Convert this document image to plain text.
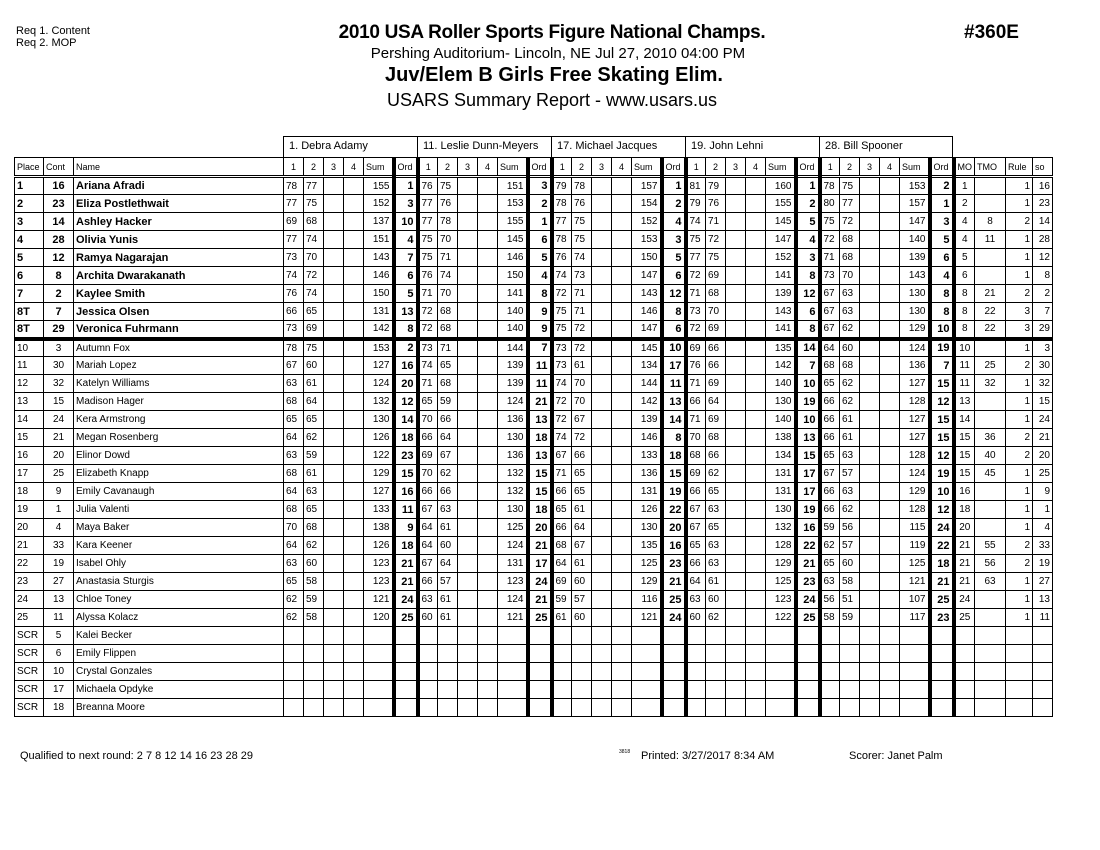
Req 1. Content
Req 2. MOP	2010 USA Roller Sports Figure National Champs.
Pershing Auditorium- Lincoln, NE Jul 27, 2010 04:00 PM
Juv/Elem B Girls Free Skating Elim.
USARS Summary Report - www.usars.us
#360E
1. Debra Adamy	11. Leslie Dunn-Meyers	17. Michael Jacques	19. John Lehni	28. Bill Spooner
Place	Cont	Name	1	2	3	4	Sum	Ord	1	2	3	4	Sum	Ord	1	2	3	4	Sum	Ord	1	2	3	4	Sum	Ord	1	2	3	4	Sum	Ord	MO	TMO	Rule	so
1	16	Ariana Afradi	78	77			155	1	76	75			151	3	79	78			157	1	81	79			160	1	78	75			153	2	1		1	16
2	23	Eliza Postlethwait	77	75			152	3	77	76			153	2	78	76			154	2	79	76			155	2	80	77			157	1	2		1	23
3	14	Ashley Hacker	69	68			137	10	77	78			155	1	77	75			152	4	74	71			145	5	75	72			147	3	4	8	2	14
4	28	Olivia Yunis	77	74			151	4	75	70			145	6	78	75			153	3	75	72			147	4	72	68			140	5	4	11	1	28
5	12	Ramya Nagarajan	73	70			143	7	75	71			146	5	76	74			150	5	77	75			152	3	71	68			139	6	5		1	12
6	8	Archita Dwarakanath	74	72			146	6	76	74			150	4	74	73			147	6	72	69			141	8	73	70			143	4	6		1	8
7	2	Kaylee Smith	76	74			150	5	71	70			141	8	72	71			143	12	71	68			139	12	67	63			130	8	8	21	2	2
8T	7	Jessica Olsen	66	65			131	13	72	68			140	9	75	71			146	8	73	70			143	6	67	63			130	8	8	22	3	7
8T	29	Veronica Fuhrmann	73	69			142	8	72	68			140	9	75	72			147	6	72	69			141	8	67	62			129	10	8	22	3	29
10	3	Autumn Fox	78	75			153	2	73	71			144	7	73	72			145	10	69	66			135	14	64	60			124	19	10		1	3
11	30	Mariah Lopez	67	60			127	16	74	65			139	11	73	61			134	17	76	66			142	7	68	68			136	7	11	25	2	30
12	32	Katelyn Williams	63	61			124	20	71	68			139	11	74	70			144	11	71	69			140	10	65	62			127	15	11	32	1	32
13	15	Madison Hager	68	64			132	12	65	59			124	21	72	70			142	13	66	64			130	19	66	62			128	12	13		1	15
14	24	Kera Armstrong	65	65			130	14	70	66			136	13	72	67			139	14	71	69			140	10	66	61			127	15	14		1	24
15	21	Megan Rosenberg	64	62			126	18	66	64			130	18	74	72			146	8	70	68			138	13	66	61			127	15	15	36	2	21
16	20	Elinor Dowd	63	59			122	23	69	67			136	13	67	66			133	18	68	66			134	15	65	63			128	12	15	40	2	20
17	25	Elizabeth Knapp	68	61			129	15	70	62			132	15	71	65			136	15	69	62			131	17	67	57			124	19	15	45	1	25
18	9	Emily Cavanaugh	64	63			127	16	66	66			132	15	66	65			131	19	66	65			131	17	66	63			129	10	16		1	9
19	1	Julia Valenti	68	65			133	11	67	63			130	18	65	61			126	22	67	63			130	19	66	62			128	12	18		1	1
20	4	Maya Baker	70	68			138	9	64	61			125	20	66	64			130	20	67	65			132	16	59	56			115	24	20		1	4
21	33	Kara Keener	64	62			126	18	64	60			124	21	68	67			135	16	65	63			128	22	62	57			119	22	21	55	2	33
22	19	Isabel Ohly	63	60			123	21	67	64			131	17	64	61			125	23	66	63			129	21	65	60			125	18	21	56	2	19
23	27	Anastasia Sturgis	65	58			123	21	66	57			123	24	69	60			129	21	64	61			125	23	63	58			121	21	21	63	1	27
24	13	Chloe Toney	62	59			121	24	63	61			124	21	59	57			116	25	63	60			123	24	56	51			107	25	24		1	13
25	11	Alyssa Kolacz	62	58			120	25	60	61			121	25	61	60			121	24	60	62			122	25	58	59			117	23	25		1	11
SCR	5	Kalei Becker																																		
SCR	6	Emily Flippen																																		
SCR	10	Crystal Gonzales																																		
SCR	17	Michaela Opdyke																																		
SCR	18	Breanna Moore																																		
Qualified to next round: 2 7 8 12 14 16 23 28 29	3818 Printed: 3/27/2017 8:34 AM	Scorer: Janet Palm
